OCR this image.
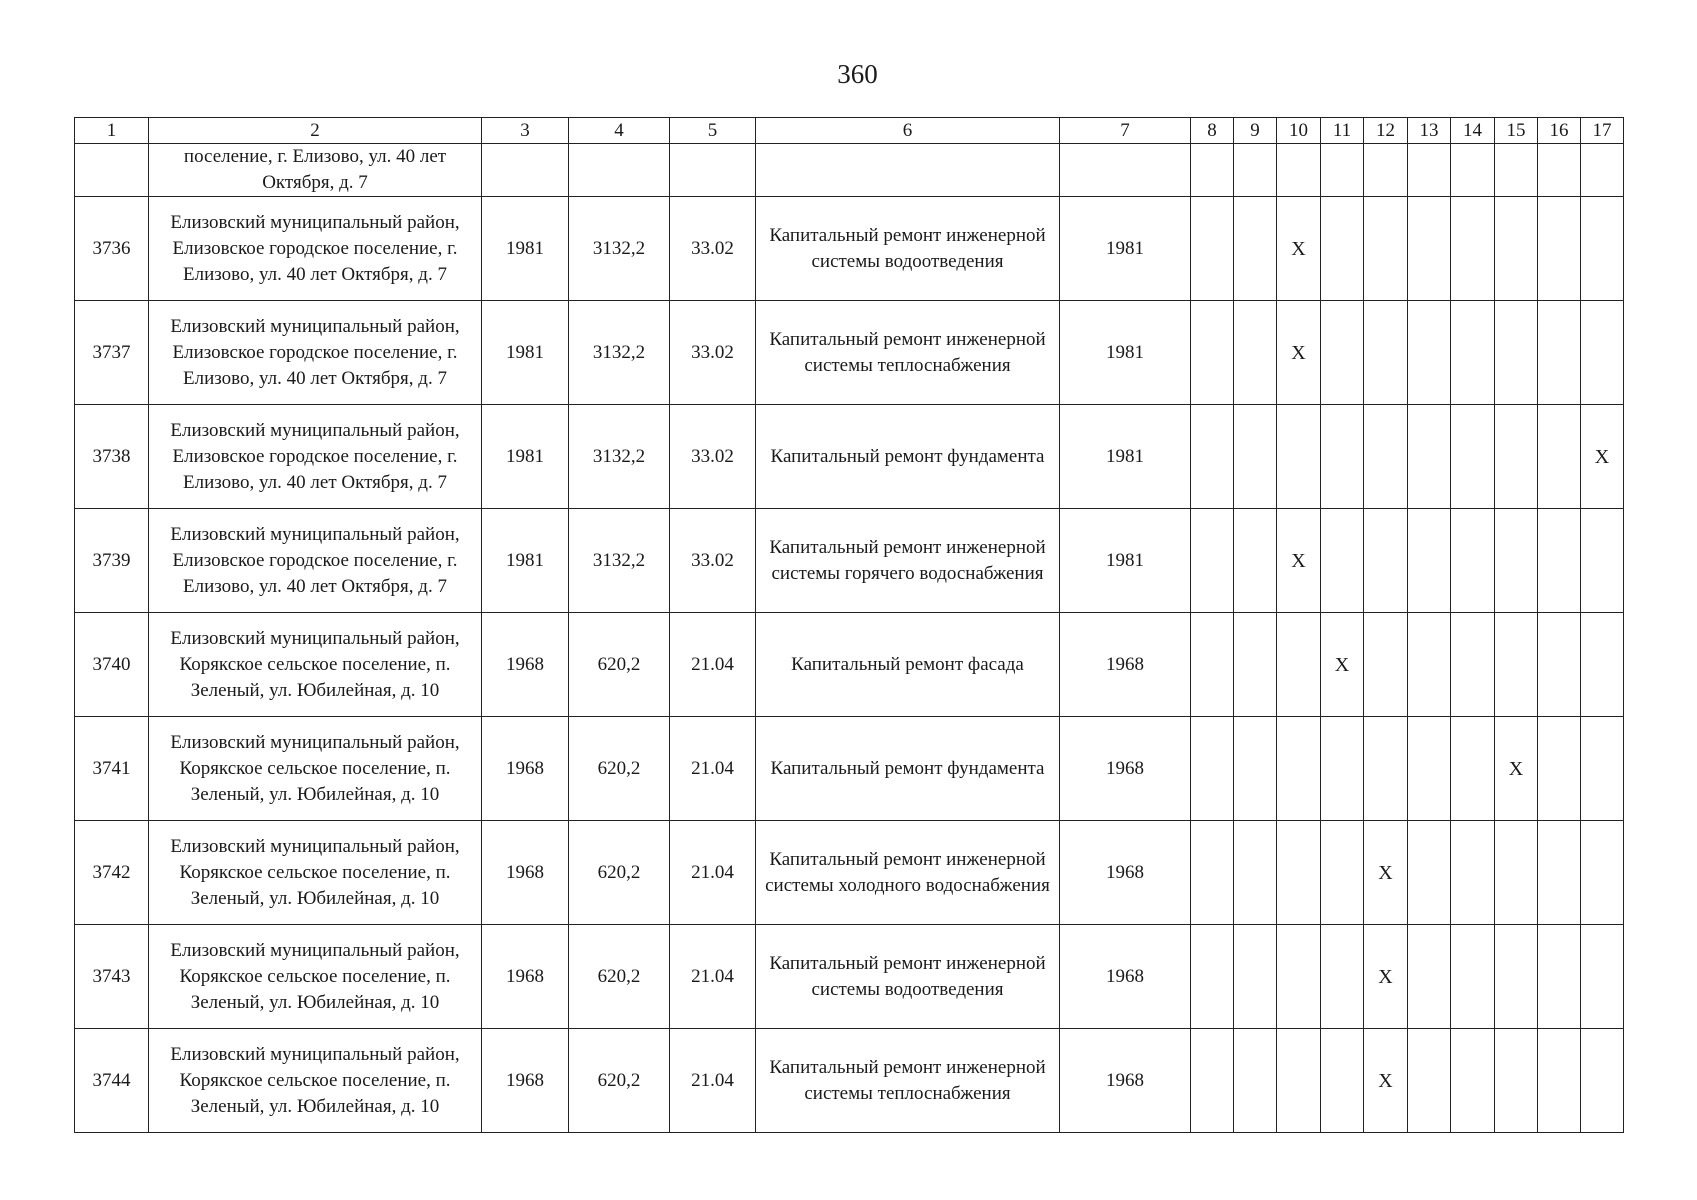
360
1	2	3	4	5	6	7	8	9	10	11	12	13	14	15	16	17
	поселение, г. Елизово, ул. 40 лет Октября, д. 7															
3736	Елизовский муниципальный район, Елизовское городское поселение, г. Елизово, ул. 40 лет Октября, д. 7	1981	3132,2	33.02	Капитальный ремонт инженерной системы водоотведения	1981			X							
3737	Елизовский муниципальный район, Елизовское городское поселение, г. Елизово, ул. 40 лет Октября, д. 7	1981	3132,2	33.02	Капитальный ремонт инженерной системы теплоснабжения	1981			X							
3738	Елизовский муниципальный район, Елизовское городское поселение, г. Елизово, ул. 40 лет Октября, д. 7	1981	3132,2	33.02	Капитальный ремонт фундамента	1981										X
3739	Елизовский муниципальный район, Елизовское городское поселение, г. Елизово, ул. 40 лет Октября, д. 7	1981	3132,2	33.02	Капитальный ремонт инженерной системы горячего водоснабжения	1981			X							
3740	Елизовский муниципальный район, Корякское сельское поселение, п. Зеленый, ул. Юбилейная, д. 10	1968	620,2	21.04	Капитальный ремонт фасада	1968				X						
3741	Елизовский муниципальный район, Корякское сельское поселение, п. Зеленый, ул. Юбилейная, д. 10	1968	620,2	21.04	Капитальный ремонт фундамента	1968								X		
3742	Елизовский муниципальный район, Корякское сельское поселение, п. Зеленый, ул. Юбилейная, д. 10	1968	620,2	21.04	Капитальный ремонт инженерной системы холодного водоснабжения	1968					X					
3743	Елизовский муниципальный район, Корякское сельское поселение, п. Зеленый, ул. Юбилейная, д. 10	1968	620,2	21.04	Капитальный ремонт инженерной системы водоотведения	1968					X					
3744	Елизовский муниципальный район, Корякское сельское поселение, п. Зеленый, ул. Юбилейная, д. 10	1968	620,2	21.04	Капитальный ремонт инженерной системы теплоснабжения	1968					X					
